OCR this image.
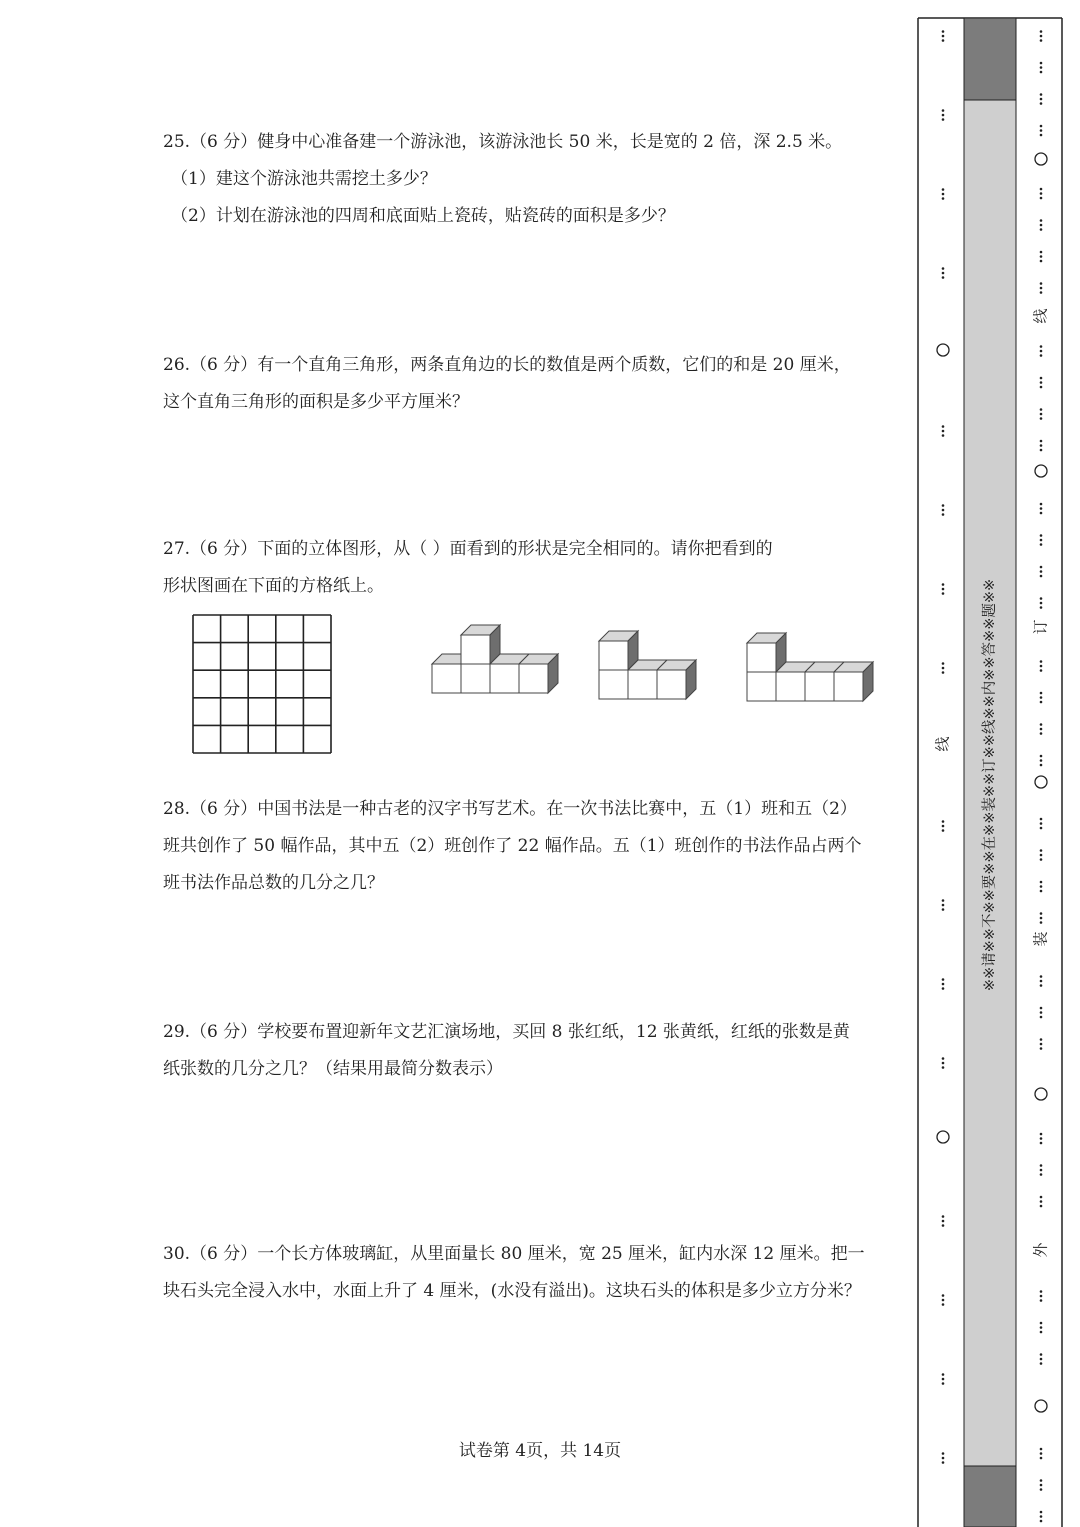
25.（6 分）健身中心准备建一个游泳池，该游泳池长 50 米，长是宽的 2 倍，深 2.5 米。
（1）建这个游泳池共需挖土多少？
（2）计划在游泳池的四周和底面贴上瓷砖，贴瓷砖的面积是多少？
26.（6 分）有一个直角三角形，两条直角边的长的数值是两个质数，它们的和是 20 厘米，
这个直角三角形的面积是多少平方厘米？
27.（6 分）下面的立体图形，从（ ）面看到的形状是完全相同的。请你把看到的
形状图画在下面的方格纸上。
28.（6 分）中国书法是一种古老的汉字书写艺术。在一次书法比赛中，五（1）班和五（2）
班共创作了 50 幅作品，其中五（2）班创作了 22 幅作品。五（1）班创作的书法作品占两个
班书法作品总数的几分之几？
29.（6 分）学校要布置迎新年文艺汇演场地，买回 8 张红纸，12 张黄纸，红纸的张数是黄
纸张数的几分之几？（结果用最简分数表示）
30.（6 分）一个长方体玻璃缸，从里面量长 80 厘米，宽 25 厘米，缸内水深 12 厘米。把一
块石头完全浸入水中，水面上升了 4 厘米，(水没有溢出)。这块石头的体积是多少立方分米？
试卷第 4页，共 14页
线 ※※请※※不※※要※※在※※装※※订※※线※※内※※答※※题※※
线
订
装
外
